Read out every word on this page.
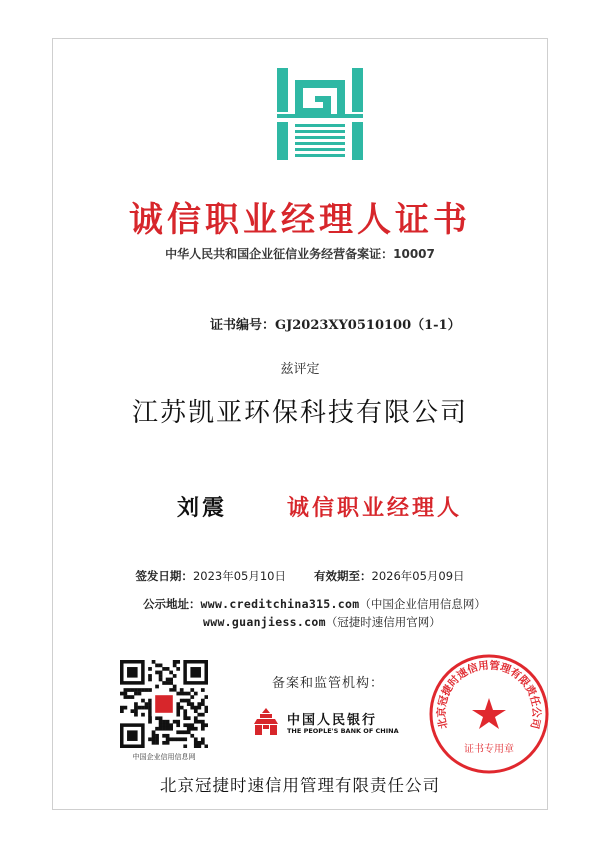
诚信职业经理人证书
中华人民共和国企业征信业务经营备案证：10007
证书编号：GJ2023XY0510100（1-1）
兹评定
江苏凯亚环保科技有限公司
刘震	诚信职业经理人
签发日期：2023年05月10日 有效期至：2026年05月09日
公示地址：www.creditchina315.com（中国企业信用信息网）
www.guanjiess.com（冠捷时速信用官网）
中国企业信用信息网
备案和监管机构：
中国人民银行
THE PEOPLE'S BANK OF CHINA
北京冠捷时速信用管理有限责任公司
证书专用章
北京冠捷时速信用管理有限责任公司
